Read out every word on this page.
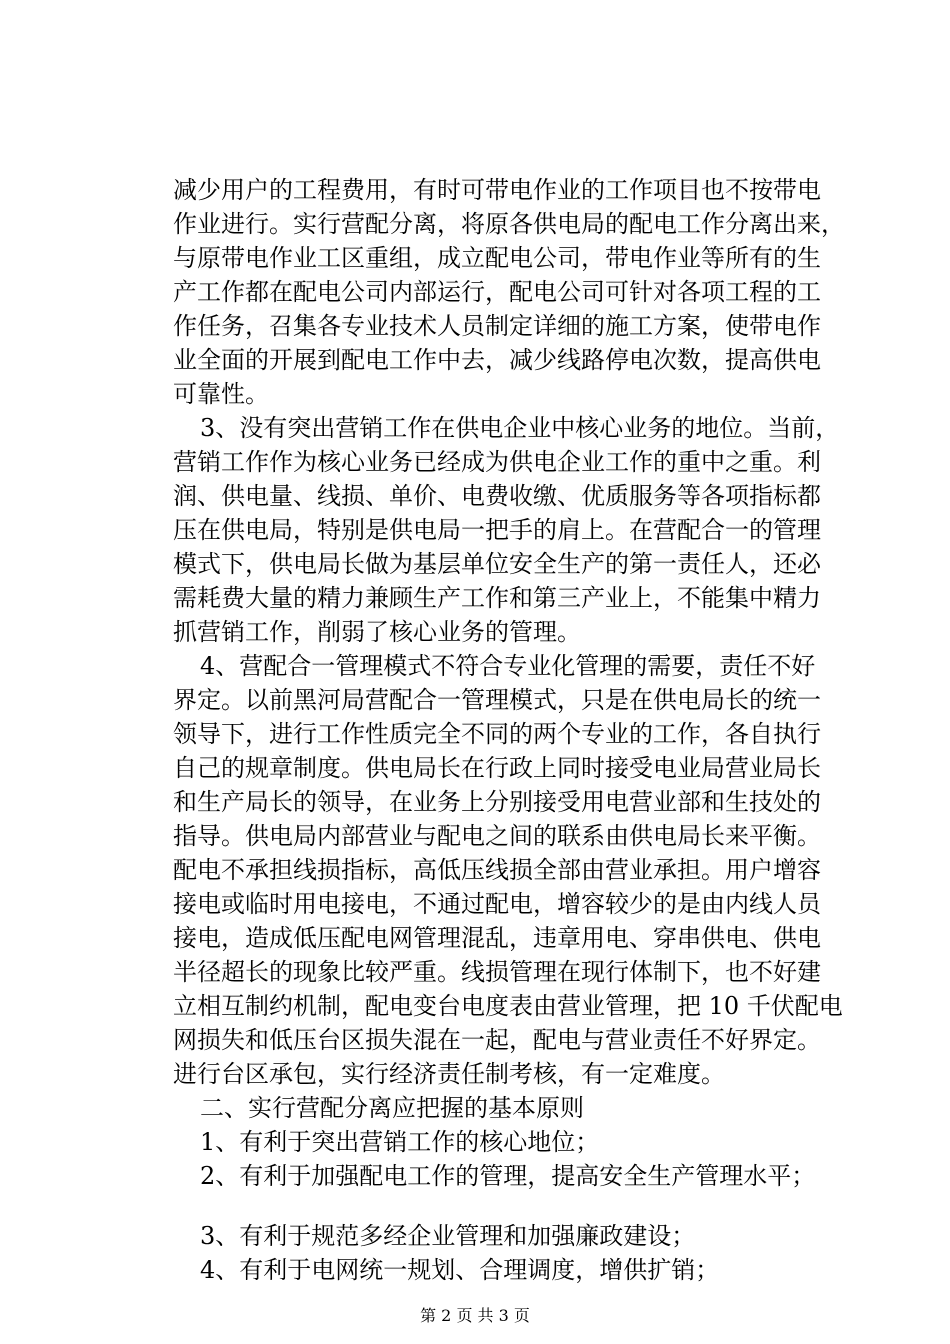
减少用户的工程费用，有时可带电作业的工作项目也不按带电
作业进行。实行营配分离，将原各供电局的配电工作分离出来，
与原带电作业工区重组，成立配电公司，带电作业等所有的生
产工作都在配电公司内部运行，配电公司可针对各项工程的工
作任务，召集各专业技术人员制定详细的施工方案，使带电作
业全面的开展到配电工作中去，减少线路停电次数，提高供电
可靠性。
　3、没有突出营销工作在供电企业中核心业务的地位。当前，
营销工作作为核心业务已经成为供电企业工作的重中之重。利
润、供电量、线损、单价、电费收缴、优质服务等各项指标都
压在供电局，特别是供电局一把手的肩上。在营配合一的管理
模式下，供电局长做为基层单位安全生产的第一责任人，还必
需耗费大量的精力兼顾生产工作和第三产业上，不能集中精力
抓营销工作，削弱了核心业务的管理。
　4、营配合一管理模式不符合专业化管理的需要，责任不好
界定。以前黑河局营配合一管理模式，只是在供电局长的统一
领导下，进行工作性质完全不同的两个专业的工作，各自执行
自己的规章制度。供电局长在行政上同时接受电业局营业局长
和生产局长的领导，在业务上分别接受用电营业部和生技处的
指导。供电局内部营业与配电之间的联系由供电局长来平衡。
配电不承担线损指标，高低压线损全部由营业承担。用户增容
接电或临时用电接电，不通过配电，增容较少的是由内线人员
接电，造成低压配电网管理混乱，违章用电、穿串供电、供电
半径超长的现象比较严重。线损管理在现行体制下，也不好建
立相互制约机制，配电变台电度表由营业管理，把 10 千伏配电
网损失和低压台区损失混在一起，配电与营业责任不好界定。
进行台区承包，实行经济责任制考核，有一定难度。
　二、实行营配分离应把握的基本原则
　1、有利于突出营销工作的核心地位；
　2、有利于加强配电工作的管理，提高安全生产管理水平；
　3、有利于规范多经企业管理和加强廉政建设；
　4、有利于电网统一规划、合理调度，增供扩销；
第 2 页 共 3 页
